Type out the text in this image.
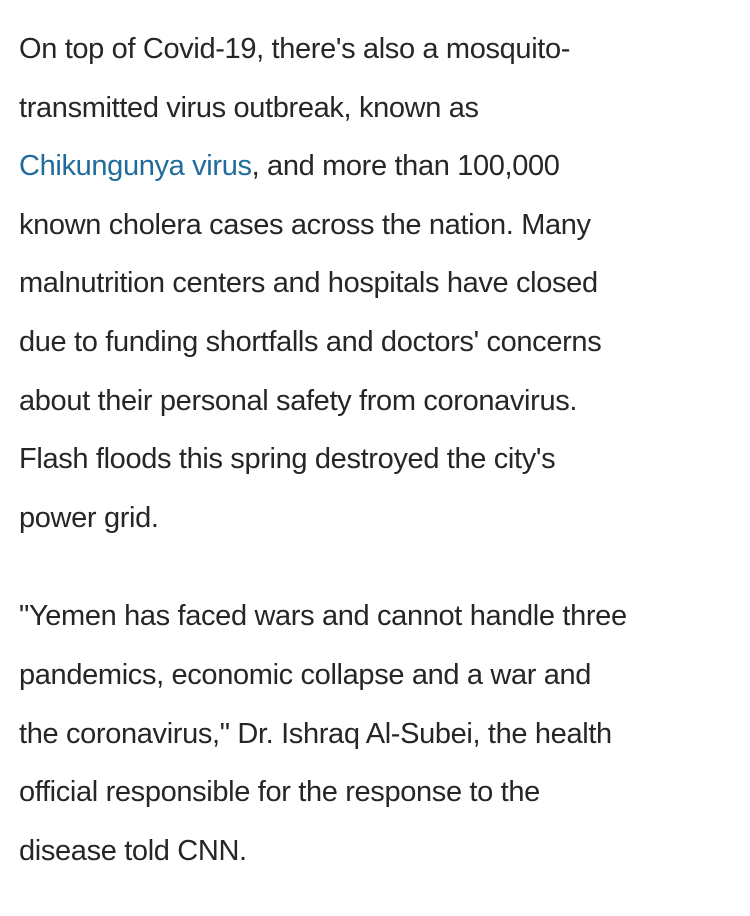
On top of Covid-19, there's also a mosquito-
transmitted virus outbreak, known as
Chikungunya virus, and more than 100,000
known cholera cases across the nation. Many
malnutrition centers and hospitals have closed
due to funding shortfalls and doctors' concerns
about their personal safety from coronavirus.
Flash floods this spring destroyed the city's
power grid.

"Yemen has faced wars and cannot handle three
pandemics, economic collapse and a war and
the coronavirus," Dr. Ishraq Al-Subei, the health
official responsible for the response to the
disease told CNN.
